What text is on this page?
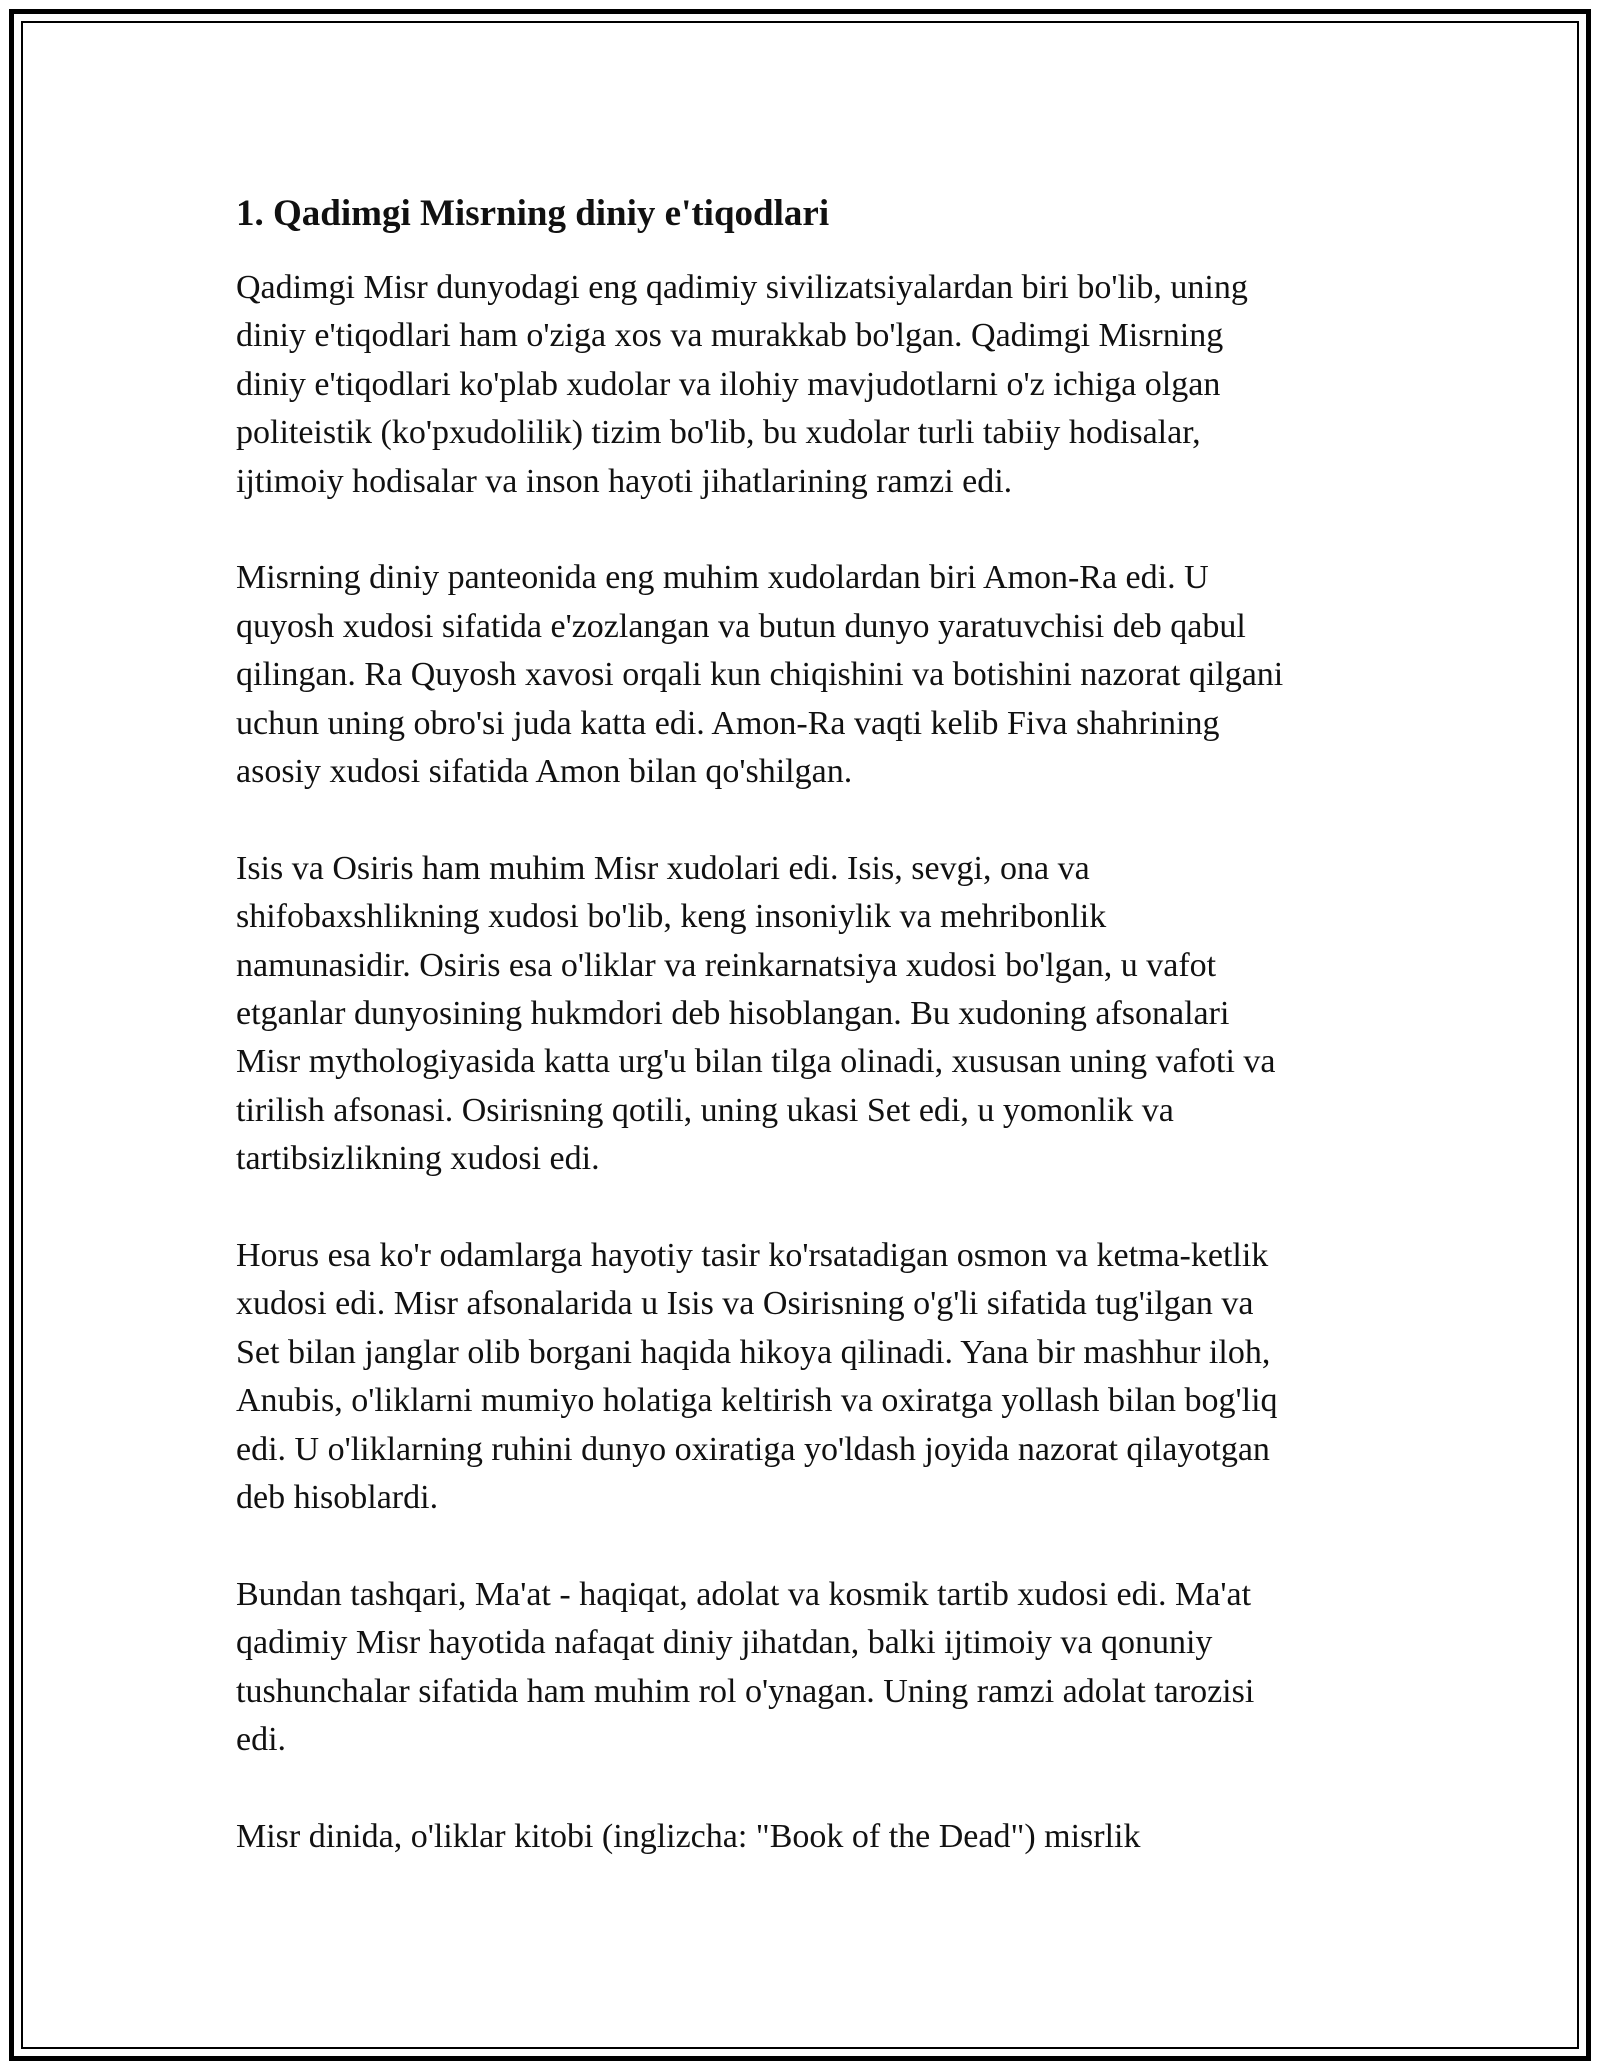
1. Qadimgi Misrning diniy e'tiqodlari
Qadimgi Misr dunyodagi eng qadimiy sivilizatsiyalardan biri bo'lib, uning
diniy e'tiqodlari ham o'ziga xos va murakkab bo'lgan. Qadimgi Misrning
diniy e'tiqodlari ko'plab xudolar va ilohiy mavjudotlarni o'z ichiga olgan
politeistik (ko'pxudolilik) tizim bo'lib, bu xudolar turli tabiiy hodisalar,
ijtimoiy hodisalar va inson hayoti jihatlarining ramzi edi.
Misrning diniy panteonida eng muhim xudolardan biri Amon-Ra edi. U
quyosh xudosi sifatida e'zozlangan va butun dunyo yaratuvchisi deb qabul
qilingan. Ra Quyosh xavosi orqali kun chiqishini va botishini nazorat qilgani
uchun uning obro'si juda katta edi. Amon-Ra vaqti kelib Fiva shahrining
asosiy xudosi sifatida Amon bilan qo'shilgan.
Isis va Osiris ham muhim Misr xudolari edi. Isis, sevgi, ona va
shifobaxshlikning xudosi bo'lib, keng insoniylik va mehribonlik
namunasidir. Osiris esa o'liklar va reinkarnatsiya xudosi bo'lgan, u vafot
etganlar dunyosining hukmdori deb hisoblangan. Bu xudoning afsonalari
Misr mythologiyasida katta urg'u bilan tilga olinadi, xususan uning vafoti va
tirilish afsonasi. Osirisning qotili, uning ukasi Set edi, u yomonlik va
tartibsizlikning xudosi edi.
Horus esa ko'r odamlarga hayotiy tasir ko'rsatadigan osmon va ketma-ketlik
xudosi edi. Misr afsonalarida u Isis va Osirisning o'g'li sifatida tug'ilgan va
Set bilan janglar olib borgani haqida hikoya qilinadi. Yana bir mashhur iloh,
Anubis, o'liklarni mumiyo holatiga keltirish va oxiratga yollash bilan bog'liq
edi. U o'liklarning ruhini dunyo oxiratiga yo'ldash joyida nazorat qilayotgan
deb hisoblardi.
Bundan tashqari, Ma'at - haqiqat, adolat va kosmik tartib xudosi edi. Ma'at
qadimiy Misr hayotida nafaqat diniy jihatdan, balki ijtimoiy va qonuniy
tushunchalar sifatida ham muhim rol o'ynagan. Uning ramzi adolat tarozisi
edi.
Misr dinida, o'liklar kitobi (inglizcha: "Book of the Dead") misrlik
